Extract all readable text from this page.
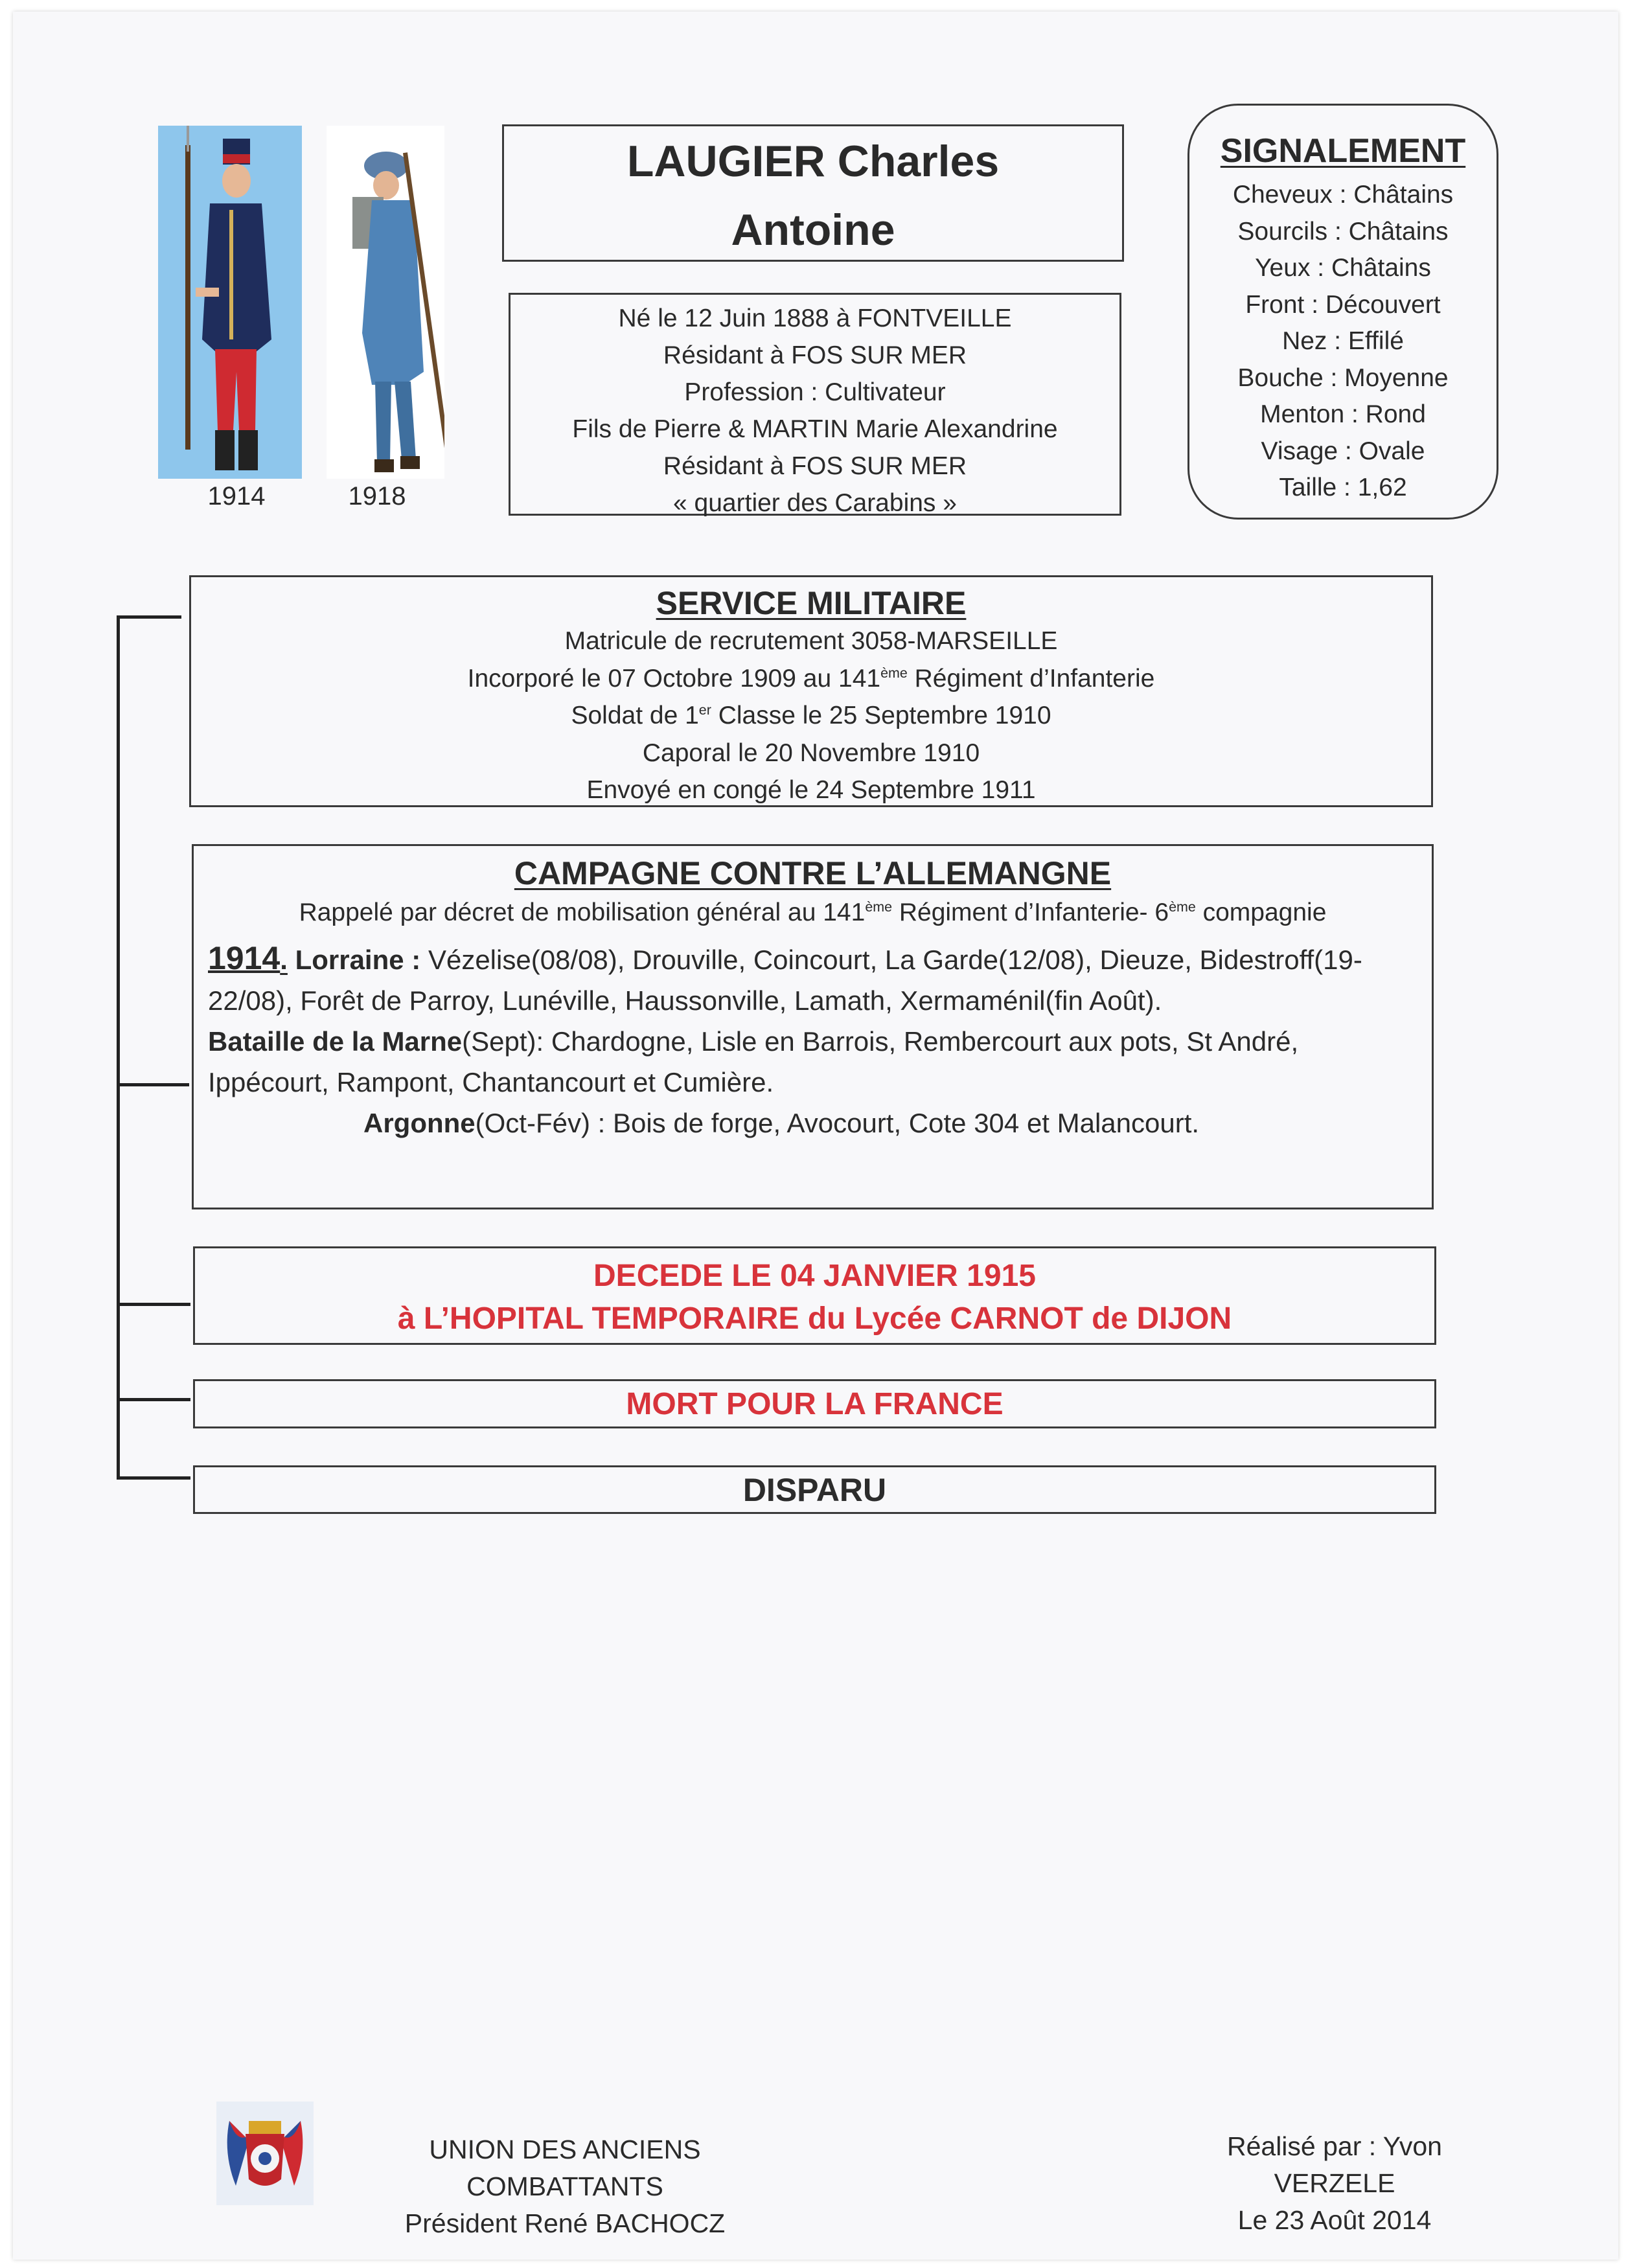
1914	1918
LAUGIER Charles
Antoine
Né le 12 Juin 1888 à FONTVEILLE
Résidant à FOS SUR MER
Profession : Cultivateur
Fils de Pierre & MARTIN Marie Alexandrine
Résidant à FOS SUR MER
« quartier des Carabins »
SIGNALEMENT
Cheveux : Châtains
Sourcils : Châtains
Yeux : Châtains
Front : Découvert
Nez : Effilé
Bouche : Moyenne
Menton : Rond
Visage : Ovale
Taille : 1,62
SERVICE MILITAIRE
Matricule de recrutement 3058-MARSEILLE
Incorporé le 07 Octobre 1909 au 141ème Régiment d’Infanterie
Soldat de 1er Classe le 25 Septembre 1910
Caporal le 20 Novembre 1910
Envoyé en congé le 24 Septembre 1911
CAMPAGNE CONTRE L’ALLEMANGNE
Rappelé par décret de mobilisation général au 141ème Régiment d’Infanterie- 6ème compagnie
1914. Lorraine : Vézelise(08/08), Drouville, Coincourt, La Garde(12/08), Dieuze, Bidestroff(19-22/08), Forêt de Parroy, Lunéville, Haussonville, Lamath, Xermaménil(fin Août).
Bataille de la Marne(Sept): Chardogne, Lisle en Barrois, Rembercourt aux pots, St André, Ippécourt, Rampont, Chantancourt et Cumière.
Argonne(Oct-Fév) : Bois de forge, Avocourt, Cote 304 et Malancourt.
DECEDE LE 04 JANVIER 1915
à L’HOPITAL TEMPORAIRE du Lycée CARNOT de DIJON
MORT POUR LA FRANCE
DISPARU
UNION DES ANCIENS COMBATTANTS
Président René BACHOCZ
Réalisé par : Yvon VERZELE
Le 23 Août 2014
